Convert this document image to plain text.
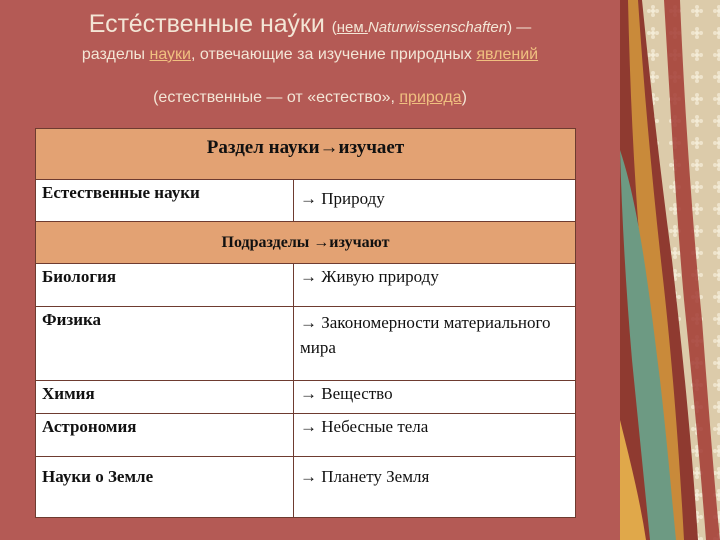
Есте́ственные нау́ки (нем.Naturwissenschaften) —
разделы науки, отвечающие за изучение природных явлений
(естественные — от «естество», природа)
Раздел науки→изучает	
Естественные науки	→ Природу
Подразделы →изучают	
Биология	→ Живую природу
Физика	→ Закономерности материального мира
Химия	→ Вещество
Астрономия	→ Небесные тела
Науки о Земле	→ Планету Земля
